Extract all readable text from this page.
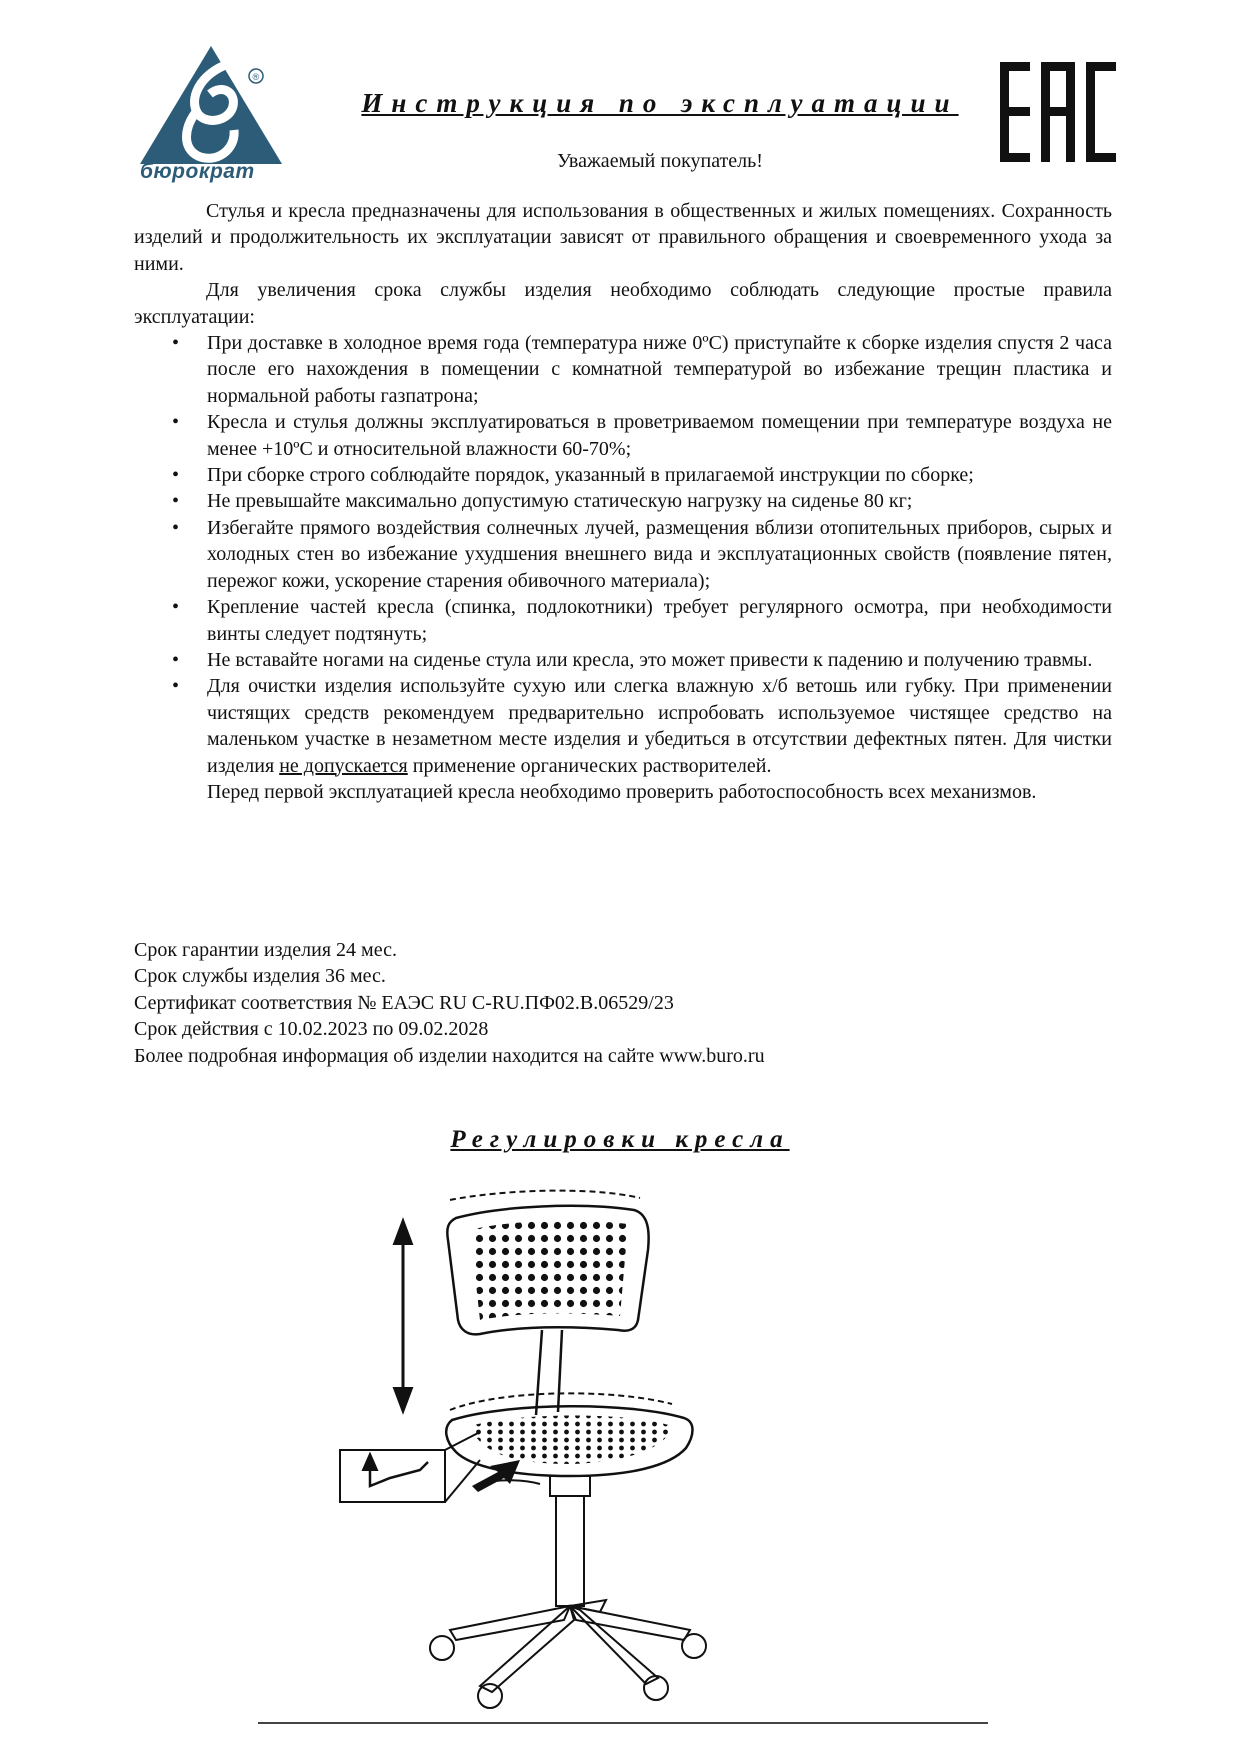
®
бюрократ
Инструкция по эксплуатации
Уважаемый покупатель!

Стулья и кресла предназначены для использования в общественных и жилых помещениях. Сохранность изделий и продолжительность их эксплуатации зависят от правильного обращения и своевременного ухода за ними.

Для увеличения срока службы изделия необходимо соблюдать следующие простые правила эксплуатации:

• При доставке в холодное время года (температура ниже 0ºC) приступайте к сборке изделия спустя 2 часа после его нахождения в помещении с комнатной температурой во избежание трещин пластика и нормальной работы газпатрона;
• Кресла и стулья должны эксплуатироваться в проветриваемом помещении при температуре воздуха не менее +10ºC и относительной влажности 60-70%;
• При сборке строго соблюдайте порядок, указанный в прилагаемой инструкции по сборке;
• Не превышайте максимально допустимую статическую нагрузку на сиденье 80 кг;
• Избегайте прямого воздействия солнечных лучей, размещения вблизи отопительных приборов, сырых и холодных стен во избежание ухудшения внешнего вида и эксплуатационных свойств (появление пятен, пережог кожи, ускорение старения обивочного материала);
• Крепление частей кресла (спинка, подлокотники) требует регулярного осмотра, при необходимости винты следует подтянуть;
• Не вставайте ногами на сиденье стула или кресла, это может привести к падению и получению травмы.
• Для очистки изделия используйте сухую или слегка влажную х/б ветошь или губку. При применении чистящих средств рекомендуем предварительно испробовать используемое чистящее средство на маленьком участке в незаметном месте изделия и убедиться в отсутствии дефектных пятен. Для чистки изделия не допускается применение органических растворителей.

Перед первой эксплуатацией кресла необходимо проверить работоспособность всех механизмов.

Срок гарантии изделия 24 мес.
Срок службы изделия 36 мес.
Сертификат соответствия № ЕАЭС RU С-RU.ПФ02.В.06529/23
Срок действия с 10.02.2023 по 09.02.2028
Более подробная информация об изделии находится на сайте www.buro.ru
Регулировки кресла
